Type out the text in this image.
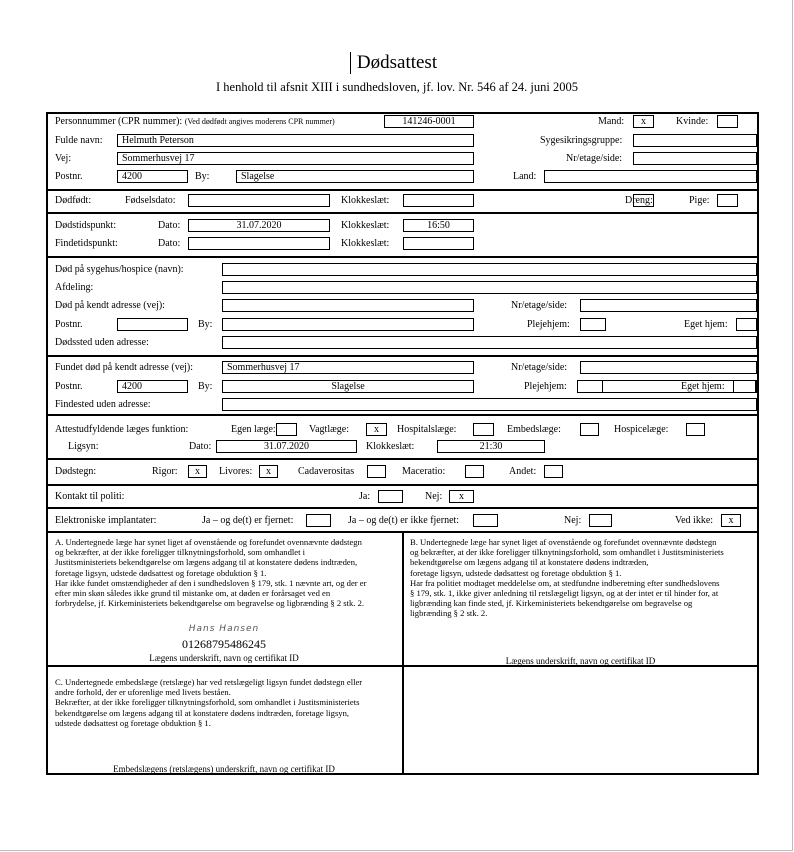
Dødsattest
I henhold til afsnit XIII i sundhedsloven, jf. lov. Nr. 546 af 24. juni 2005
Personnummer (CPR nummer): (Ved dødfødt angives moderens CPR nummer)	141246-0001	Mand:	x	Kvinde:
Fulde navn: Helmuth Peterson	Sygesikringsgruppe:
Vej:	Sommerhusvej 17	Nr/etage/side:
Postnr.	4200	By:	Slagelse	Land:
Dødfødt:	Fødselsdato:	Klokkeslæt:	Dreng:	Pige:
Dødstidspunkt:	Dato:	31.07.2020	Klokkeslæt:	16:50
Findetidspunkt:	Dato:	Klokkeslæt:
Død på sygehus/hospice (navn):
Afdeling:
Død på kendt adresse (vej):	Nr/etage/side:
Postnr.	By:	Plejehjem:	Eget hjem:
Dødssted uden adresse:
Fundet død på kendt adresse (vej):	Sommerhusvej 17	Nr/etage/side:
Postnr.	4200	By:	Slagelse	Plejehjem:	Eget hjem:
Findested uden adresse:
Attestudfyldende læges funktion:	Egen læge:	Vagtlæge:	x	Hospitalslæge:	Embedslæge:	Hospicelæge:
Ligsyn:	Dato:	31.07.2020	Klokkeslæt:	21:30
Dødstegn:	Rigor:	x	Livores:	x	Cadaverositas	Maceratio:	Andet:
Kontakt til politi:	Ja:	Nej:	x
Elektroniske implantater:	Ja – og de(t) er fjernet:	Ja – og de(t) er ikke fjernet:	Nej:	Ved ikke:	x
A. Undertegnede læge har synet liget af ovenstående og forefundet ovennævnte dødstegn
og bekræfter, at der ikke foreligger tilknytningsforhold, som omhandlet i
Justitsministeriets bekendtgørelse om lægens adgang til at konstatere dødens indtræden,
foretage ligsyn, udstede dødsattest og foretage obduktion § 1.
Har ikke fundet omstændigheder af den i sundhedsloven § 179, stk. 1 nævnte art, og der er
efter min skøn således ikke grund til mistanke om, at døden er forårsaget ved en
forbrydelse, jf. Kirkeministeriets bekendtgørelse om begravelse og ligbrænding § 2 stk. 2.
Hans Hansen
01268795486245
Lægens underskrift, navn og certifikat ID
B. Undertegnede læge har synet liget af ovenstående og forefundet ovennævnte dødstegn
og bekræfter, at der ikke foreligger tilknytningsforhold, som omhandlet i Justitsministeriets
bekendtgørelse om lægens adgang til at konstatere dødens indtræden,
foretage ligsyn, udstede dødsattest og foretage obduktion § 1.
Har fra politiet modtaget meddelelse om, at stedfundne indberetning efter sundhedslovens
§ 179, stk. 1, ikke giver anledning til retslægeligt ligsyn, og at der intet er til hinder for, at
ligbrænding kan finde sted, jf. Kirkeministeriets bekendtgørelse om begravelse og
ligbrænding § 2 stk. 2.
Lægens underskrift, navn og certifikat ID
C. Undertegnede embedslæge (retslæge) har ved retslægeligt ligsyn fundet dødstegn eller
andre forhold, der er uforenlige med livets beståen.
Bekræfter, at der ikke foreligger tilknytningsforhold, som omhandlet i Justitsministeriets
bekendtgørelse om lægens adgang til at konstatere dødens indtræden, foretage ligsyn,
udstede dødsattest og foretage obduktion § 1.
Embedslægens (retslægens) underskrift, navn og certifikat ID
